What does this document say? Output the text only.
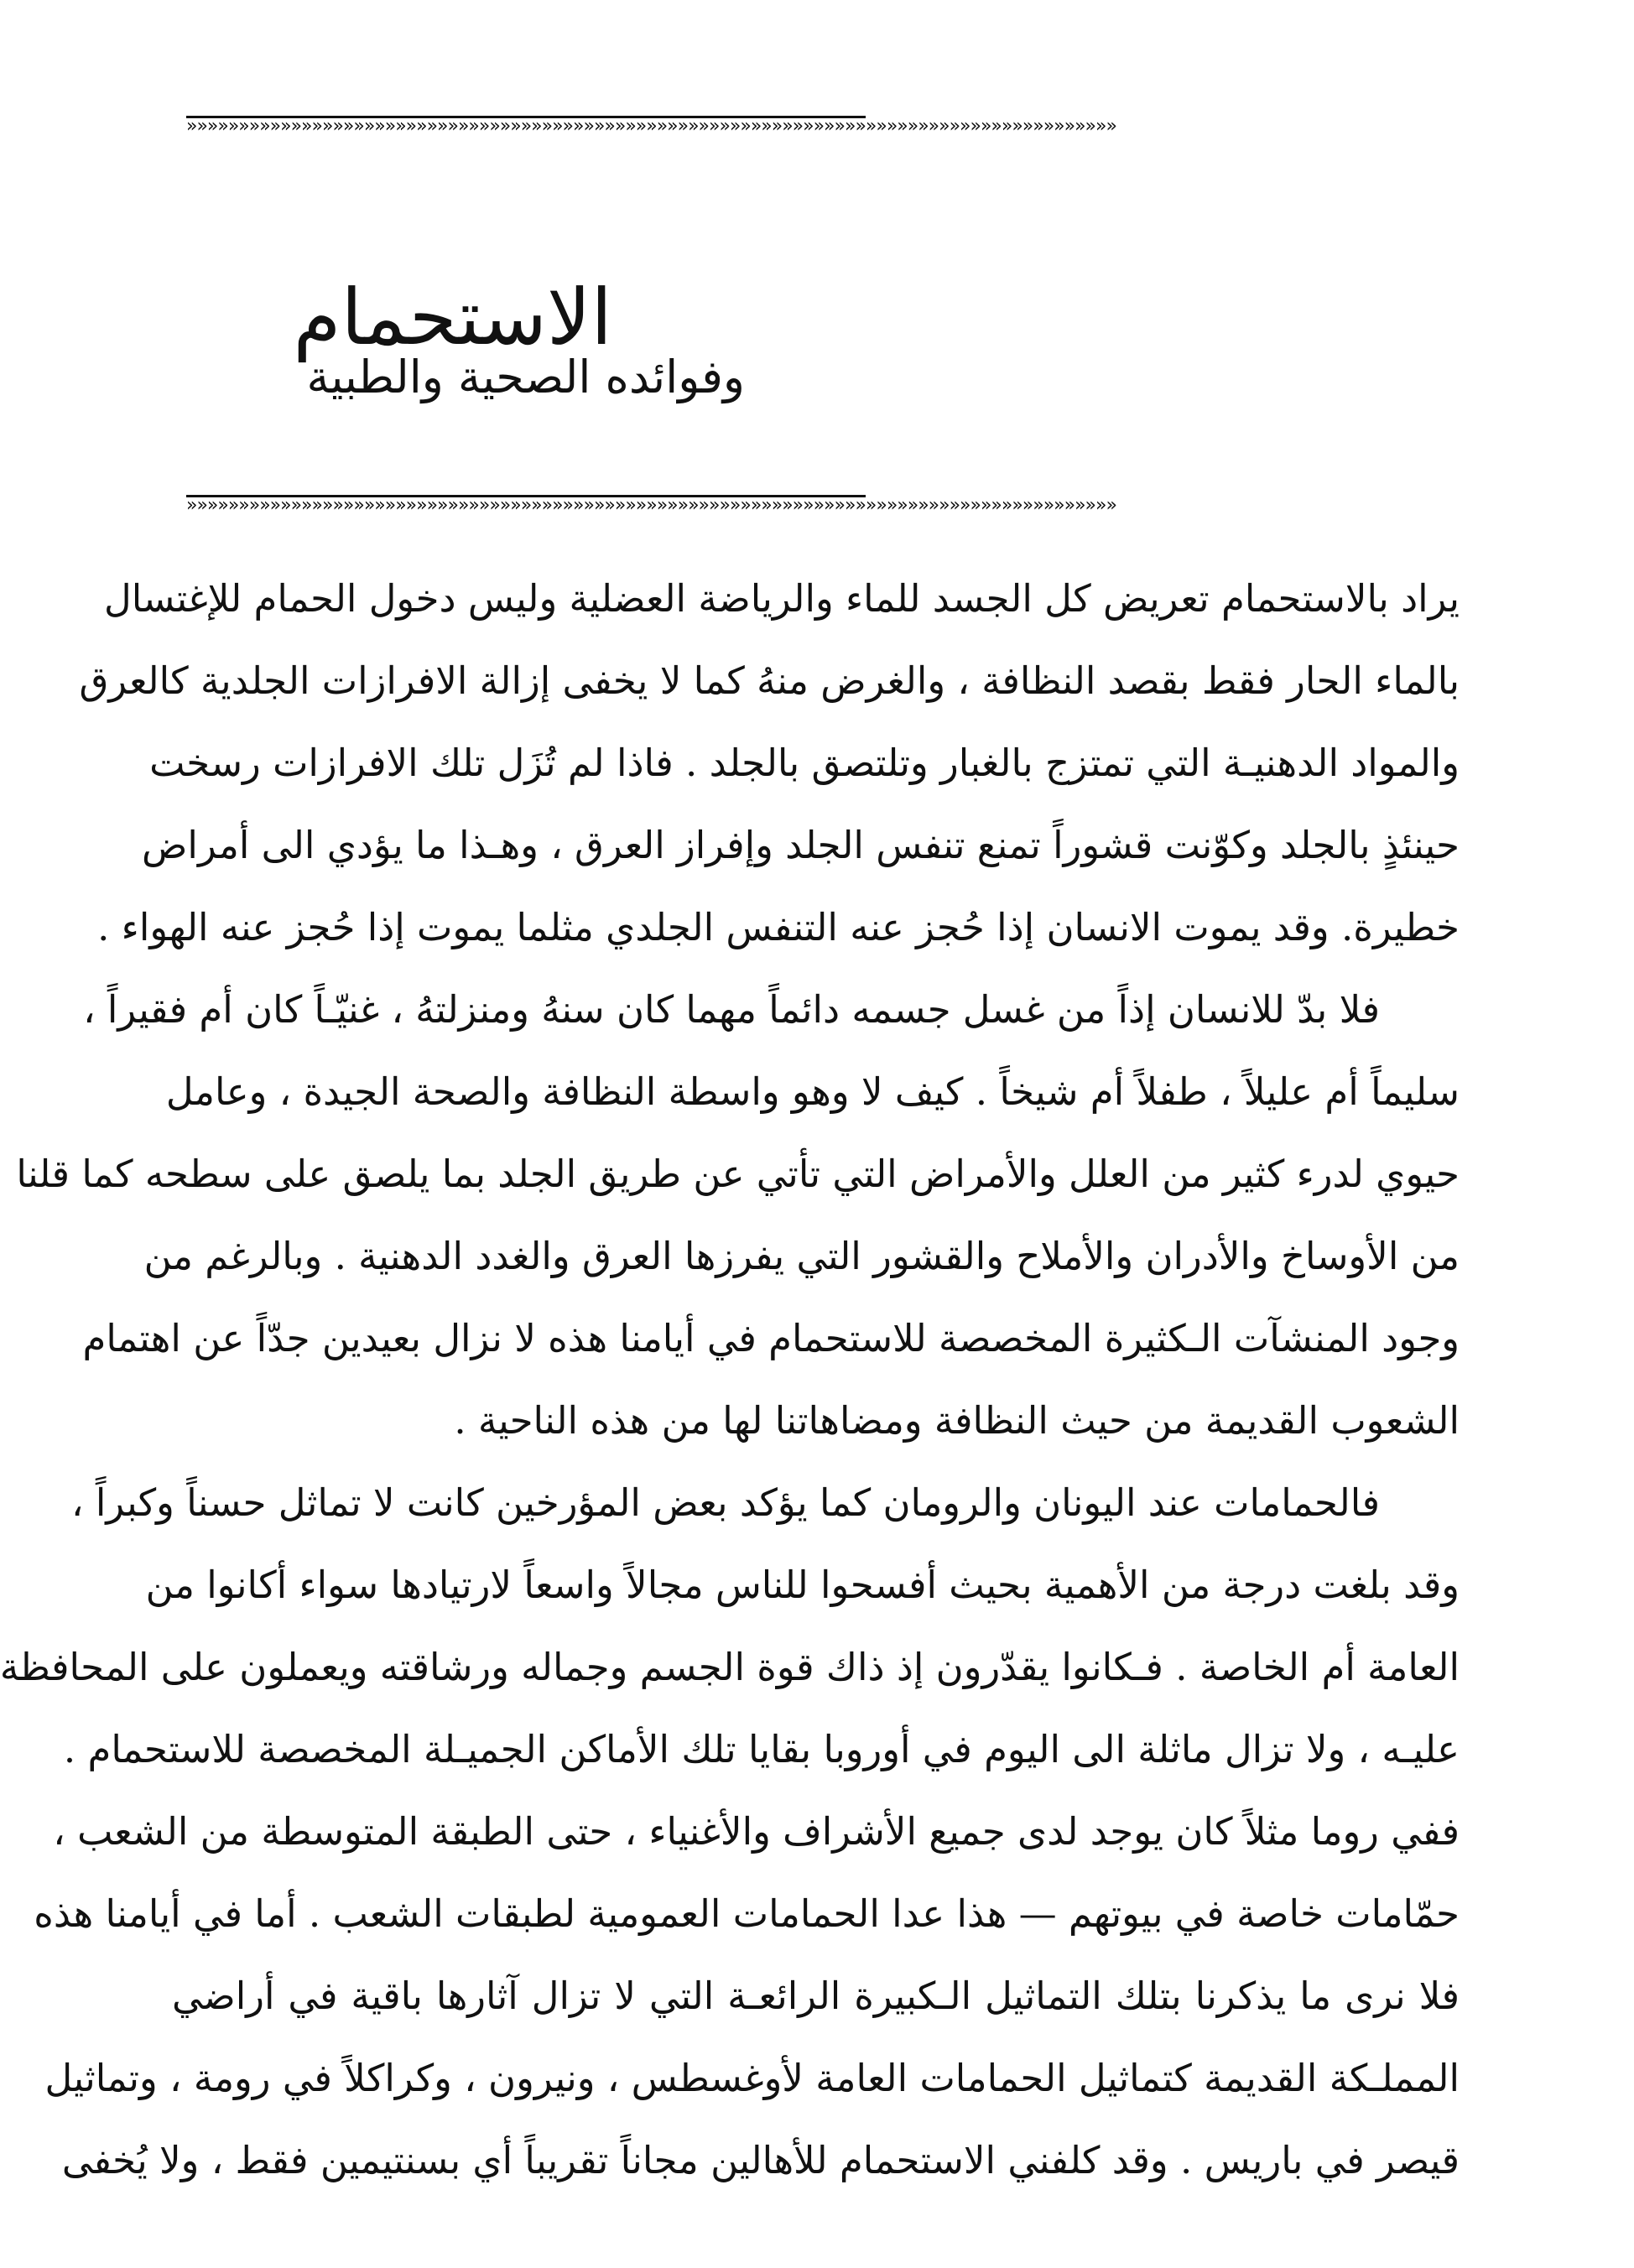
»»»»»»»»»»»»»»»»»»»»»»»»»»»»»»»»»»»»»»»»»»»»»»»»»»»»»»»»»»»»»»»»»»»»»»»»»»»»»»»»»»»»»»»»»
الاستحمام
وفوائده الصحية والطبية
»»»»»»»»»»»»»»»»»»»»»»»»»»»»»»»»»»»»»»»»»»»»»»»»»»»»»»»»»»»»»»»»»»»»»»»»»»»»»»»»»»»»»»»»»
يراد بالاستحمام تعريض كل الجسد للماء والرياضة العضلية وليس دخول الحمام للإغتسال
بالماء الحار فقط بقصد النظافة ، والغرض منهُ كما لا يخفى إزالة الافرازات الجلدية كالعرق
والمواد الدهنيـة التي تمتزج بالغبار وتلتصق بالجلد . فاذا لم تُزَل تلك الافرازات رسخت
حينئذٍ بالجلد وكوّنت قشوراً تمنع تنفس الجلد وإفراز العرق ، وهـذا ما يؤدي الى أمراض
خطيرة. وقد يموت الانسان إذا حُجز عنه التنفس الجلدي مثلما يموت إذا حُجز عنه الهواء .
فلا بدّ للانسان إذاً من غسل جسمه دائماً مهما كان سنهُ ومنزلتهُ ، غنيّـاً كان أم فقيراً ،
سليماً أم عليلاً ، طفلاً أم شيخاً . كيف لا وهو واسطة النظافة والصحة الجيدة ، وعامل
حيوي لدرء كثير من العلل والأمراض التي تأتي عن طريق الجلد بما يلصق على سطحه كما قلنا
من الأوساخ والأدران والأملاح والقشور التي يفرزها العرق والغدد الدهنية . وبالرغم من
وجود المنشآت الـكثيرة المخصصة للاستحمام في أيامنا هذه لا نزال بعيدين جدّاً عن اهتمام
الشعوب القديمة من حيث النظافة ومضاهاتنا لها من هذه الناحية .
فالحمامات عند اليونان والرومان كما يؤكد بعض المؤرخين كانت لا تماثل حسناً وكبراً ،
وقد بلغت درجة من الأهمية بحيث أفسحوا للناس مجالاً واسعاً لارتيادها سواء أكانوا من
العامة أم الخاصة . فـكانوا يقدّرون إذ ذاك قوة الجسم وجماله ورشاقته ويعملون على المحافظة
عليـه ، ولا تزال ماثلة الى اليوم في أوروبا بقايا تلك الأماكن الجميـلة المخصصة للاستحمام .
ففي روما مثلاً كان يوجد لدى جميع الأشراف والأغنياء ، حتى الطبقة المتوسطة من الشعب ،
حمّامات خاصة في بيوتهم — هذا عدا الحمامات العمومية لطبقات الشعب . أما في أيامنا هذه
فلا نرى ما يذكرنا بتلك التماثيل الـكبيرة الرائعـة التي لا تزال آثارها باقية في أراضي
المملـكة القديمة كتماثيل الحمامات العامة لأوغسطس ، ونيرون ، وكراكلاً في رومة ، وتماثيل
قيصر في باريس . وقد كلفني الاستحمام للأهالين مجاناً تقريباً أي بسنتيمين فقط ، ولا يُخفى
